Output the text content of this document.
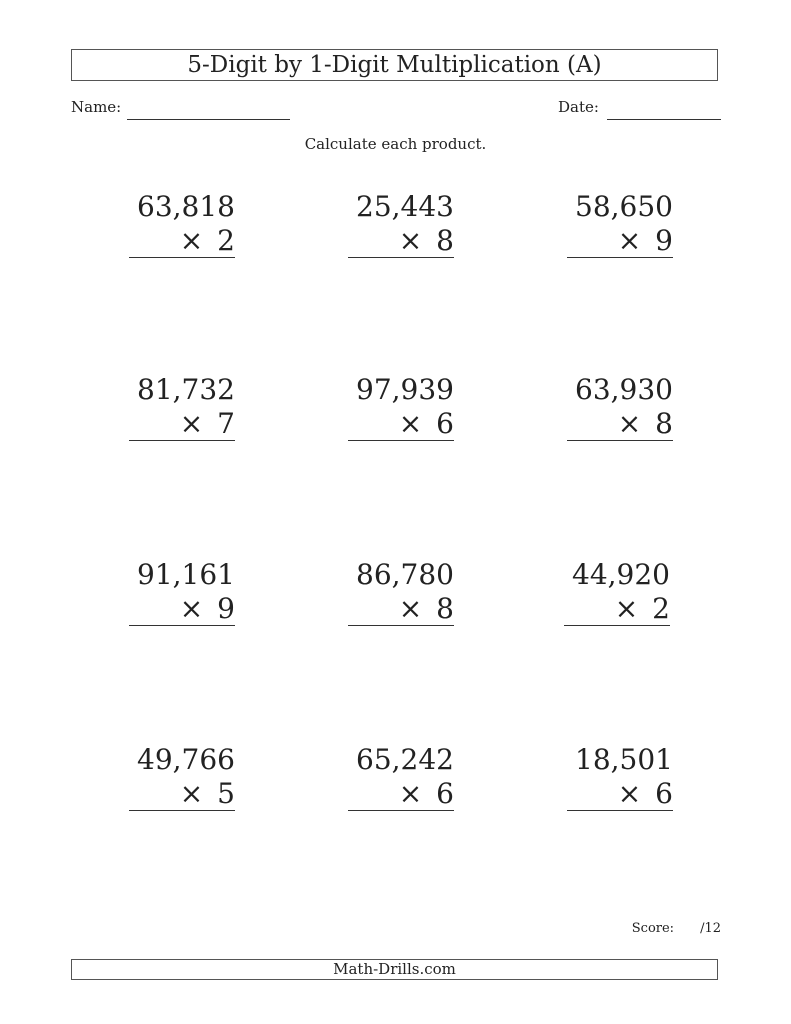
5-Digit by 1-Digit Multiplication (A)
Name:	Date:
Calculate each product.
63,818
× 2
25,443
× 8
58,650
× 9
81,732
× 7
97,939
× 6
63,930
× 8
91,161
× 9
86,780
× 8
44,920
× 2
49,766
× 5
65,242
× 6
18,501
× 6
Score: /12
Math-Drills.com
